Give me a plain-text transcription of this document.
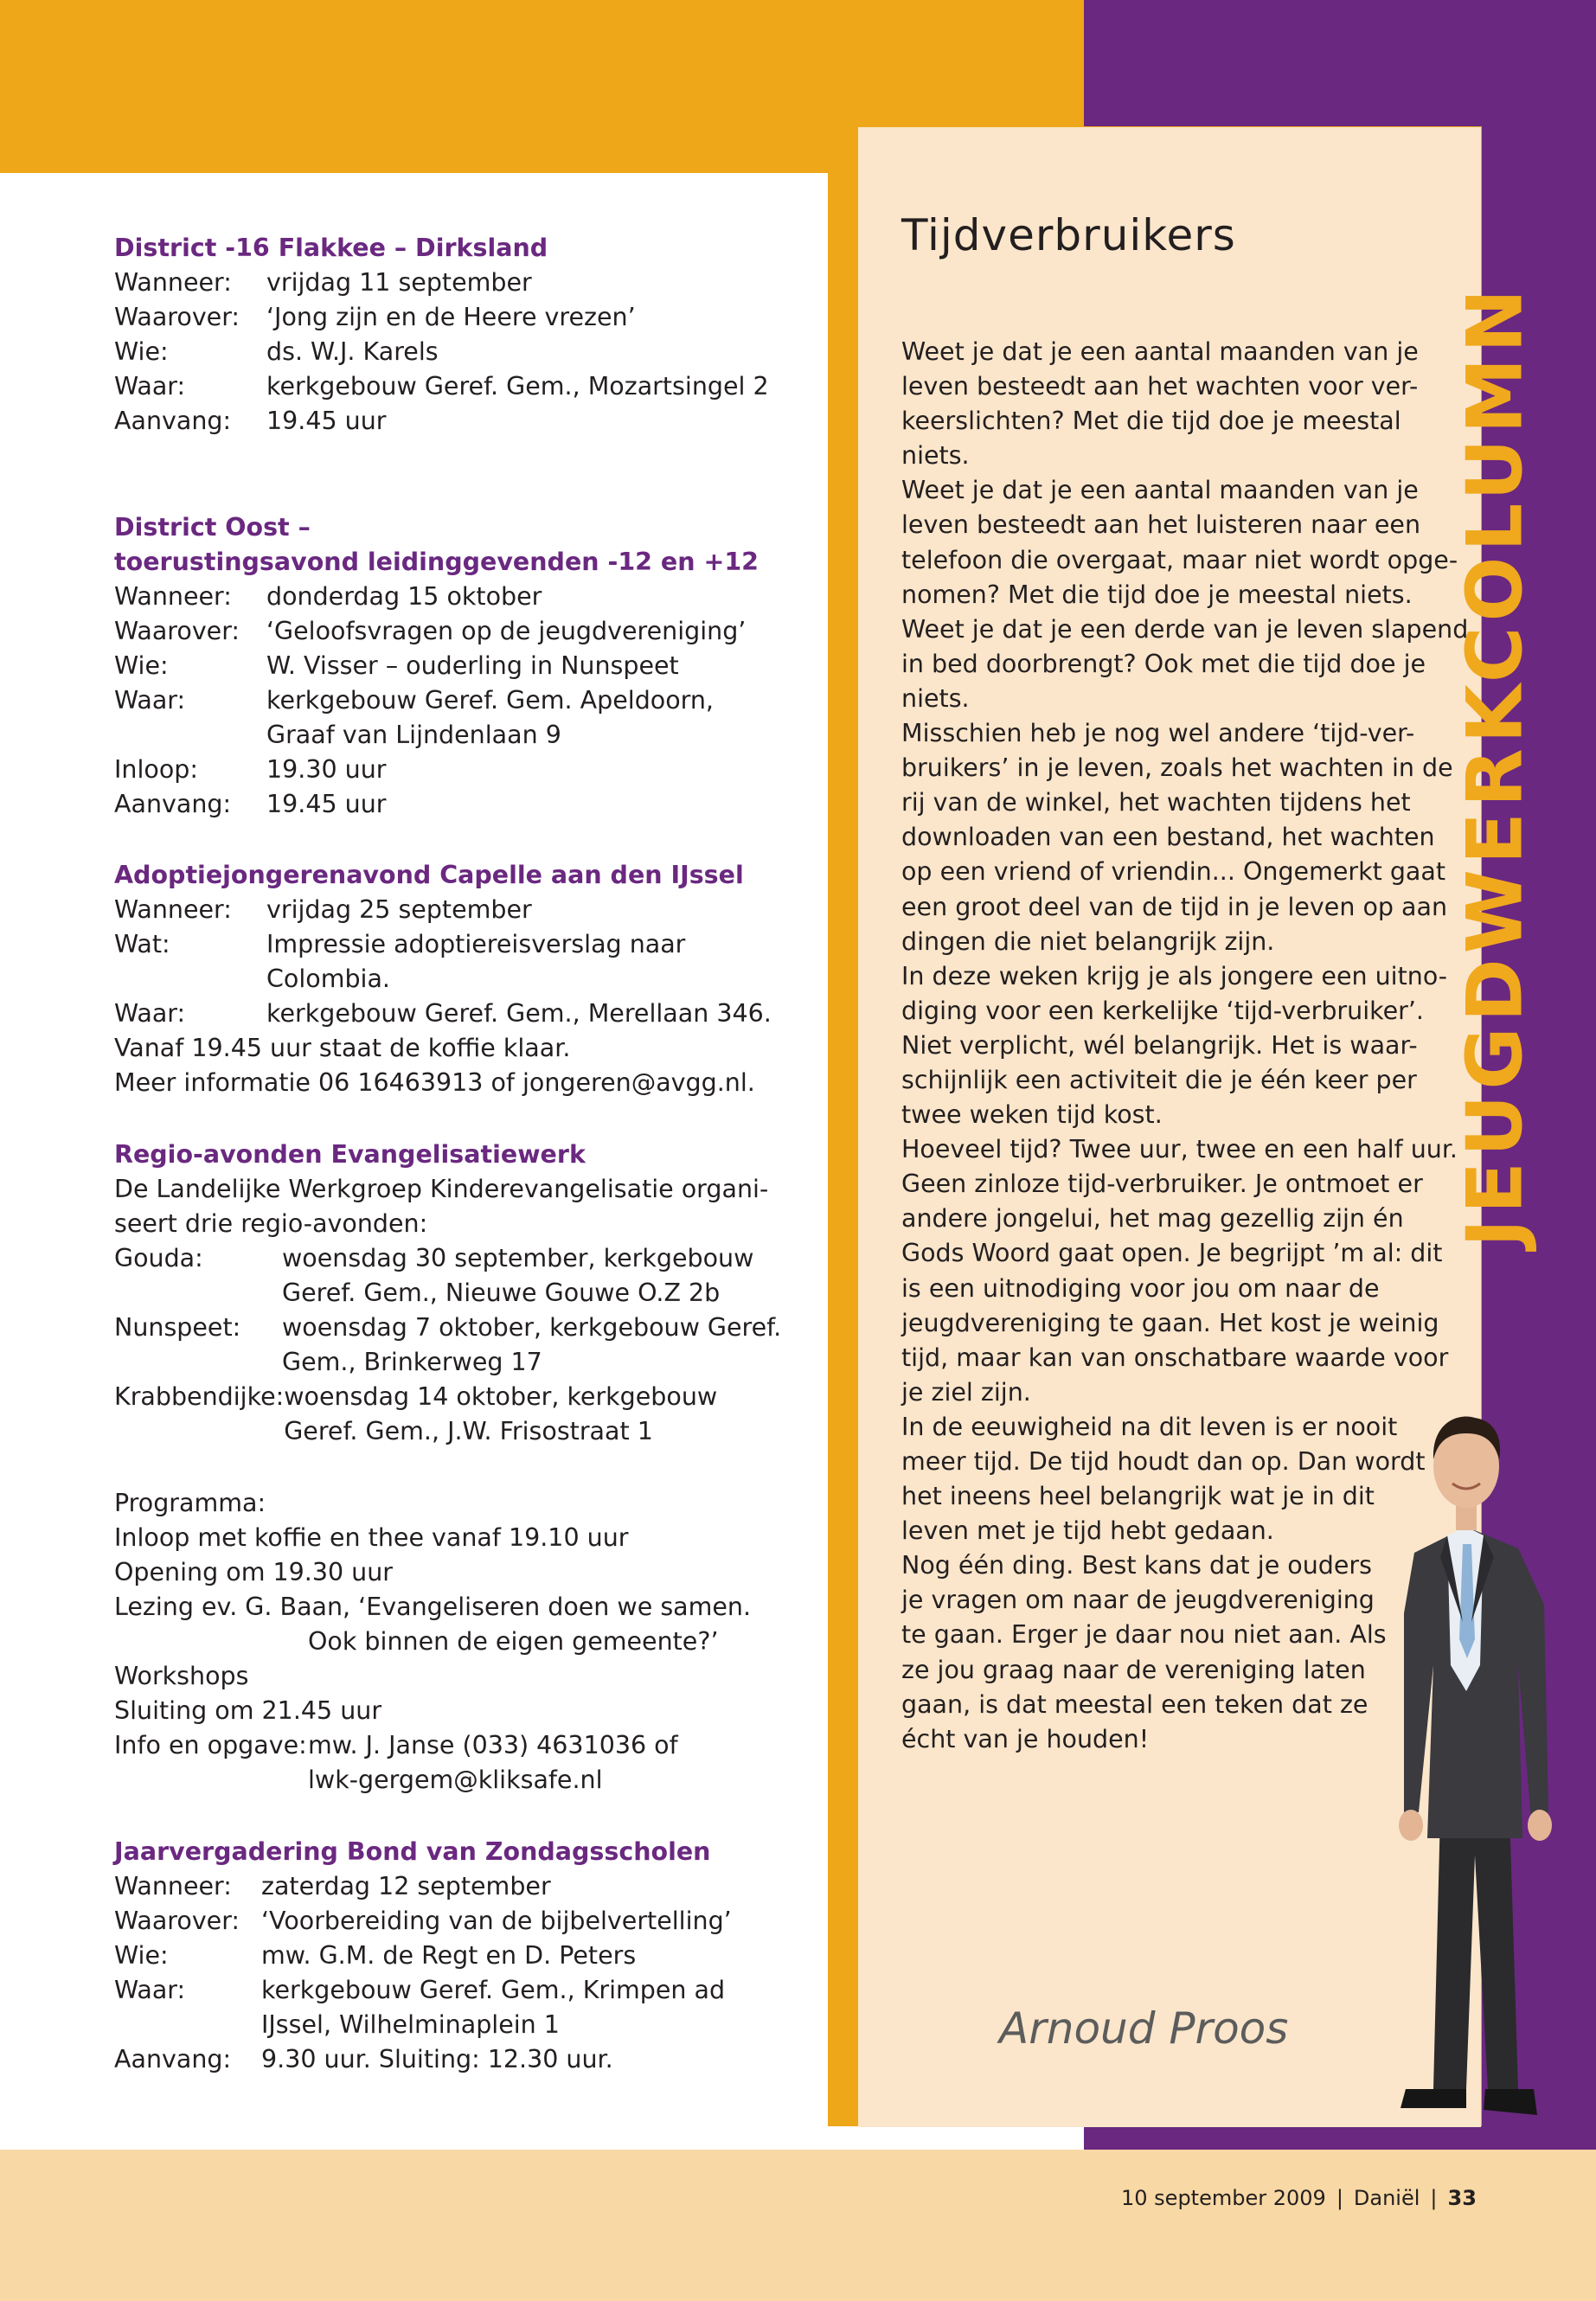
JEUGDWERKCOLUMN
District -16 Flakkee – Dirksland
Wanneer:	vrijdag 11 september
Waarover:	‘Jong zijn en de Heere vrezen’
Wie:	ds. W.J. Karels
Waar:	kerkgebouw Geref. Gem., Mozartsingel 2
Aanvang:	19.45 uur
District Oost –
toerustingsavond leidinggevenden -12 en +12
Wanneer:	donderdag 15 oktober
Waarover:	‘Geloofsvragen op de jeugdvereniging’
Wie:	W. Visser – ouderling in Nunspeet
Waar:	kerkgebouw Geref. Gem. Apeldoorn,
Graaf van Lijndenlaan 9
Inloop:	19.30 uur
Aanvang:	19.45 uur
Adoptiejongerenavond Capelle aan den IJssel
Wanneer:	vrijdag 25 september
Wat:	Impressie adoptiereisverslag naar
Colombia.
Waar:	kerkgebouw Geref. Gem., Merellaan 346.
Vanaf 19.45 uur staat de koffie klaar.
Meer informatie 06 16463913 of jongeren@avgg.nl.
Regio-avonden Evangelisatiewerk
De Landelijke Werkgroep Kinderevangelisatie organi-
seert drie regio-avonden:
Gouda:	woensdag 30 september, kerkgebouw
Geref. Gem., Nieuwe Gouwe O.Z 2b
Nunspeet:	woensdag 7 oktober, kerkgebouw Geref.
Gem., Brinkerweg 17
Krabbendijke: woensdag 14 oktober, kerkgebouw
Geref. Gem., J.W. Frisostraat 1
Programma:
Inloop met koffie en thee vanaf 19.10 uur
Opening om 19.30 uur
Lezing ev. G. Baan, ‘Evangeliseren doen we samen.
Ook binnen de eigen gemeente?’
Workshops
Sluiting om 21.45 uur
Info en opgave: mw. J. Janse (033) 4631036 of
lwk-gergem@kliksafe.nl
Jaarvergadering Bond van Zondagsscholen
Wanneer:	zaterdag 12 september
Waarover: ‘Voorbereiding van de bijbelvertelling’
Wie:	mw. G.M. de Regt en D. Peters
Waar:	kerkgebouw Geref. Gem., Krimpen ad
IJssel, Wilhelminaplein 1
Aanvang:	9.30 uur. Sluiting: 12.30 uur.
Tijdverbruikers
Weet je dat je een aantal maanden van je
leven besteedt aan het wachten voor ver-
keerslichten? Met die tijd doe je meestal
niets.
Weet je dat je een aantal maanden van je
leven besteedt aan het luisteren naar een
telefoon die overgaat, maar niet wordt opge-
nomen? Met die tijd doe je meestal niets.
Weet je dat je een derde van je leven slapend
in bed doorbrengt? Ook met die tijd doe je
niets.
Misschien heb je nog wel andere ‘tijd-ver-
bruikers’ in je leven, zoals het wachten in de
rij van de winkel, het wachten tijdens het
downloaden van een bestand, het wachten
op een vriend of vriendin... Ongemerkt gaat
een groot deel van de tijd in je leven op aan
dingen die niet belangrijk zijn.
In deze weken krijg je als jongere een uitno-
diging voor een kerkelijke ‘tijd-verbruiker’.
Niet verplicht, wél belangrijk. Het is waar-
schijnlijk een activiteit die je één keer per
twee weken tijd kost.
Hoeveel tijd? Twee uur, twee en een half uur.
Geen zinloze tijd-verbruiker. Je ontmoet er
andere jongelui, het mag gezellig zijn én
Gods Woord gaat open. Je begrijpt ’m al: dit
is een uitnodiging voor jou om naar de
jeugdvereniging te gaan. Het kost je weinig
tijd, maar kan van onschatbare waarde voor
je ziel zijn.
In de eeuwigheid na dit leven is er nooit
meer tijd. De tijd houdt dan op. Dan wordt
het ineens heel belangrijk wat je in dit
leven met je tijd hebt gedaan.
Nog één ding. Best kans dat je ouders
je vragen om naar de jeugdvereniging
te gaan. Erger je daar nou niet aan. Als
ze jou graag naar de vereniging laten
gaan, is dat meestal een teken dat ze
écht van je houden!
Arnoud Proos
10 september 2009 | Daniël | 33
